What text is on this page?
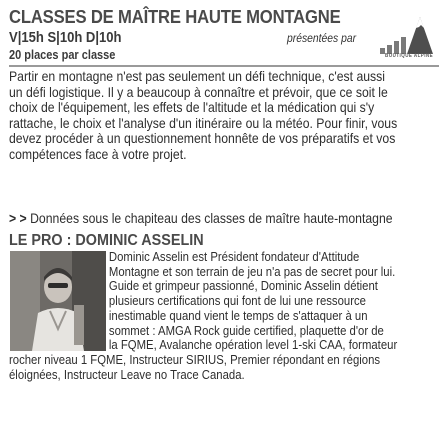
CLASSES DE MAÎTRE HAUTE MONTAGNE
V|15h S|10h D|10h
20 places par classe
présentées par
BOUTIQUE ALPINE
Partir en montagne n'est pas seulement un défi technique, c'est aussi
un défi logistique. Il y a beaucoup à connaître et prévoir, que ce soit le
choix de l'équipement, les effets de l'altitude et la médication qui s'y
rattache, le choix et l'analyse d'un itinéraire ou la météo. Pour finir, vous
devez procéder à un questionnement honnête de vos préparatifs et vos
compétences face à votre projet.
> > Données sous le chapiteau des classes de maître haute-montagne
LE PRO : DOMINIC ASSELIN
Dominic Asselin est Président fondateur d'Attitude
Montagne et son terrain de jeu n'a pas de secret pour lui.
Guide et grimpeur passionné, Dominic Asselin détient
plusieurs certifications qui font de lui une ressource
inestimable quand vient le temps de s'attaquer à un
sommet : AMGA Rock guide certified, plaquette d'or de
la FQME, Avalanche opération level 1-ski CAA, formateur
rocher niveau 1 FQME, Instructeur SIRIUS, Premier répondant en régions
éloignées, Instructeur Leave no Trace Canada.
